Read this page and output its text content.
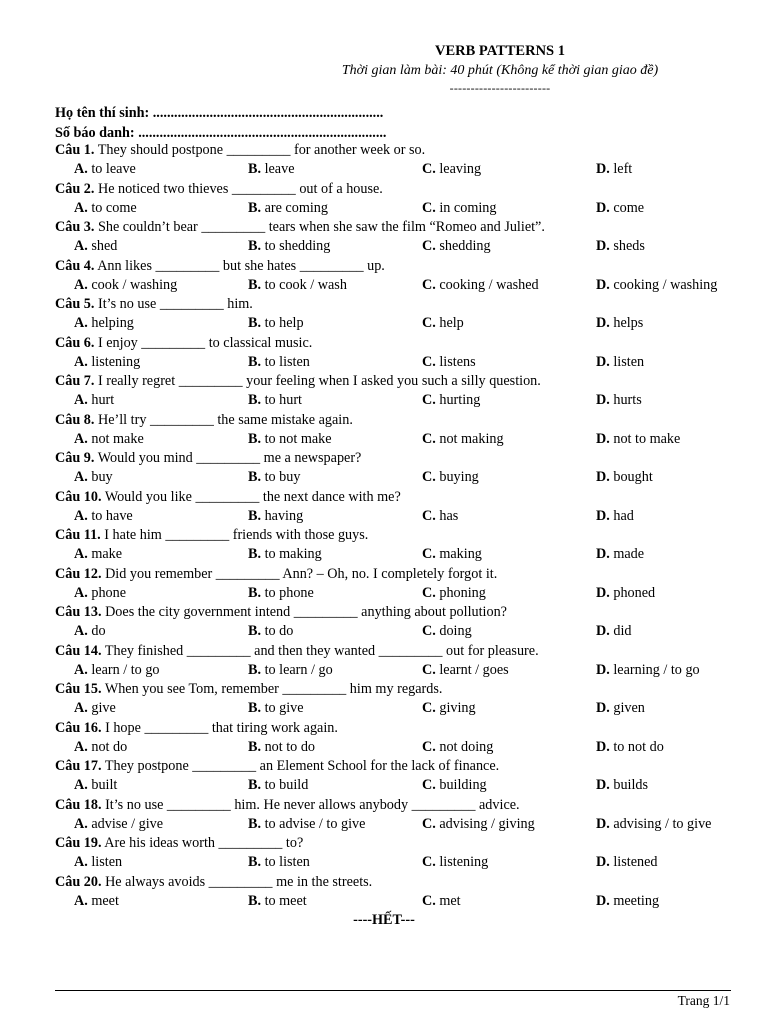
VERB PATTERNS 1
Thời gian làm bài: 40 phút (Không kể thời gian giao đề)
------------------------
Họ tên thí sinh: .................................................................
Số báo danh: ......................................................................
Câu 1. They should postpone _________ for another week or so.
A. to leave	B. leave	C. leaving	D. left
Câu 2. He noticed two thieves _________ out of a house.
A. to come	B. are coming	C. in coming	D. come
Câu 3. She couldn’t bear _________ tears when she saw the film “Romeo and Juliet”.
A. shed	B. to shedding	C. shedding	D. sheds
Câu 4. Ann likes _________ but she hates _________ up.
A. cook / washing	B. to cook / wash	C. cooking / washed	D. cooking / washing
Câu 5. It’s no use _________ him.
A. helping	B. to help	C. help	D. helps
Câu 6. I enjoy _________ to classical music.
A. listening	B. to listen	C. listens	D. listen
Câu 7. I really regret _________ your feeling when I asked you such a silly question.
A. hurt	B. to hurt	C. hurting	D. hurts
Câu 8. He’ll try _________ the same mistake again.
A. not make	B. to not make	C. not making	D. not to make
Câu 9. Would you mind _________ me a newspaper?
A. buy	B. to buy	C. buying	D. bought
Câu 10. Would you like _________ the next dance with me?
A. to have	B. having	C. has	D. had
Câu 11. I hate him _________ friends with those guys.
A. make	B. to making	C. making	D. made
Câu 12. Did you remember _________ Ann? – Oh, no. I completely forgot it.
A. phone	B. to phone	C. phoning	D. phoned
Câu 13. Does the city government intend _________ anything about pollution?
A. do	B. to do	C. doing	D. did
Câu 14. They finished _________ and then they wanted _________ out for pleasure.
A. learn / to go	B. to learn / go	C. learnt / goes	D. learning / to go
Câu 15. When you see Tom, remember _________ him my regards.
A. give	B. to give	C. giving	D. given
Câu 16. I hope _________ that tiring work again.
A. not do	B. not to do	C. not doing	D. to not do
Câu 17. They postpone _________ an Element School for the lack of finance.
A. built	B. to build	C. building	D. builds
Câu 18. It’s no use _________ him. He never allows anybody _________ advice.
A. advise / give	B. to advise / to give	C. advising / giving	D. advising / to give
Câu 19. Are his ideas worth _________ to?
A. listen	B. to listen	C. listening	D. listened
Câu 20. He always avoids _________ me in the streets.
A. meet	B. to meet	C. met	D. meeting
----HẾT---
Trang 1/1
